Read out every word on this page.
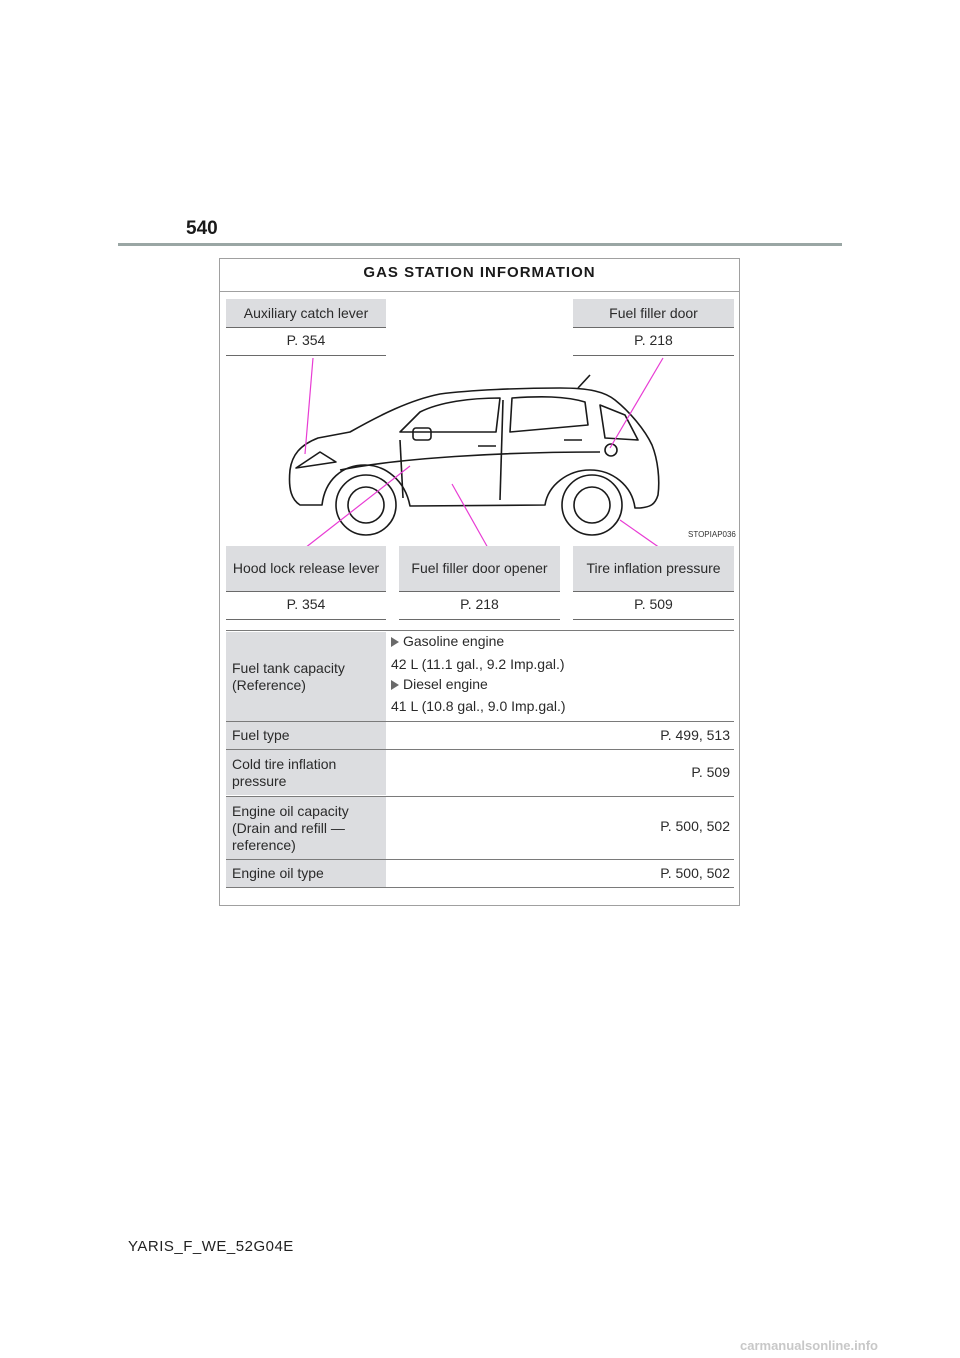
540
GAS STATION INFORMATION
Auxiliary catch lever
P. 354
Fuel filler door
P. 218
STOPIAP036
Hood lock release lever
P. 354
Fuel filler door opener
P. 218
Tire inflation pressure
P. 509
Fuel tank capacity (Reference)
Gasoline engine
42 L (11.1 gal., 9.2 Imp.gal.)
Diesel engine
41 L (10.8 gal., 9.0 Imp.gal.)
Fuel type	P. 499, 513
Cold tire inflation pressure
P. 509
Engine oil capacity (Drain and refill — reference)
P. 500, 502
Engine oil type	P. 500, 502
YARIS_F_WE_52G04E
carmanualsonline.info
